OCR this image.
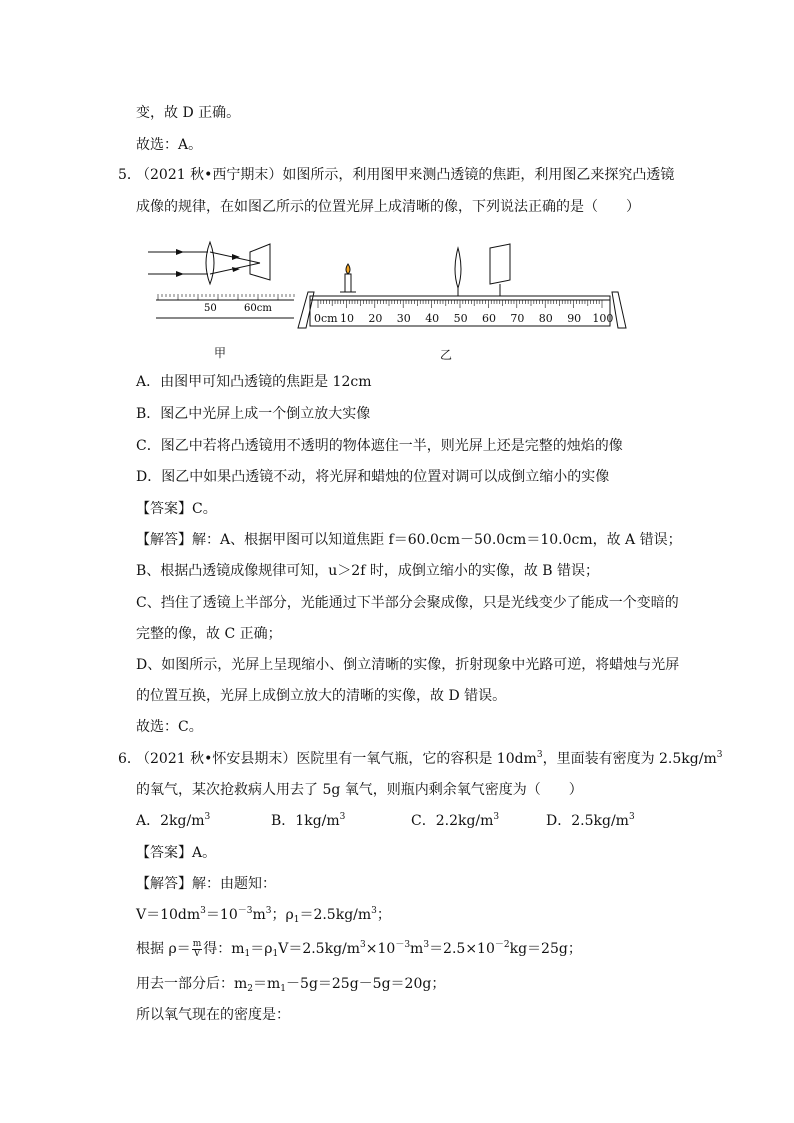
变，故 D 正确。
故选：A。
5．
（2021 秋•西宁期末）如图所示，利用图甲来测凸透镜的焦距，利用图乙来探究凸透镜
成像的规律，在如图乙所示的位置光屏上成清晰的像，下列说法正确的是（　　）
50	60cm
0cm 10 20 30 40 50 60 70 80 90 100
甲	乙
A．由图甲可知凸透镜的焦距是 12cm
B．图乙中光屏上成一个倒立放大实像
C．图乙中若将凸透镜用不透明的物体遮住一半，则光屏上还是完整的烛焰的像
D．图乙中如果凸透镜不动，将光屏和蜡烛的位置对调可以成倒立缩小的实像
【答案】C。
【解答】解：A、根据甲图可以知道焦距 f＝60.0cm－50.0cm＝10.0cm，故 A 错误；
B、根据凸透镜成像规律可知，u＞2f 时，成倒立缩小的实像，故 B 错误；
C、挡住了透镜上半部分，光能通过下半部分会聚成像，只是光线变少了能成一个变暗的
完整的像，故 C 正确；
D、如图所示，光屏上呈现缩小、倒立清晰的实像，折射现象中光路可逆，将蜡烛与光屏
的位置互换，光屏上成倒立放大的清晰的实像，故 D 错误。
故选：C。
6．
（2021 秋•怀安县期末）医院里有一氧气瓶，它的容积是 $10dm^3$，里面装有密度为 $2.5kg/m^3$
的氧气，某次抢救病人用去了 5g 氧气，则瓶内剩余氧气密度为（　　）
A．$2kg/m^3$	B．$1kg/m^3$	C．$2.2kg/m^3$	D．$2.5kg/m^3$
【答案】A。
【解答】解：由题知：
$V=10dm^3=10^{-3}m^3$；$\rho_1=2.5kg/m^3$；
根据 $\rho= \frac{m}{V}$ 得：$m_1=\rho_1V=2.5kg/m^3\times 10^{-3}m^3=2.5\times 10^{-2}kg=25g$；
用去一部分后：$m_2=m_1-5g=25g-5g=20g$；
所以氧气现在的密度是：
